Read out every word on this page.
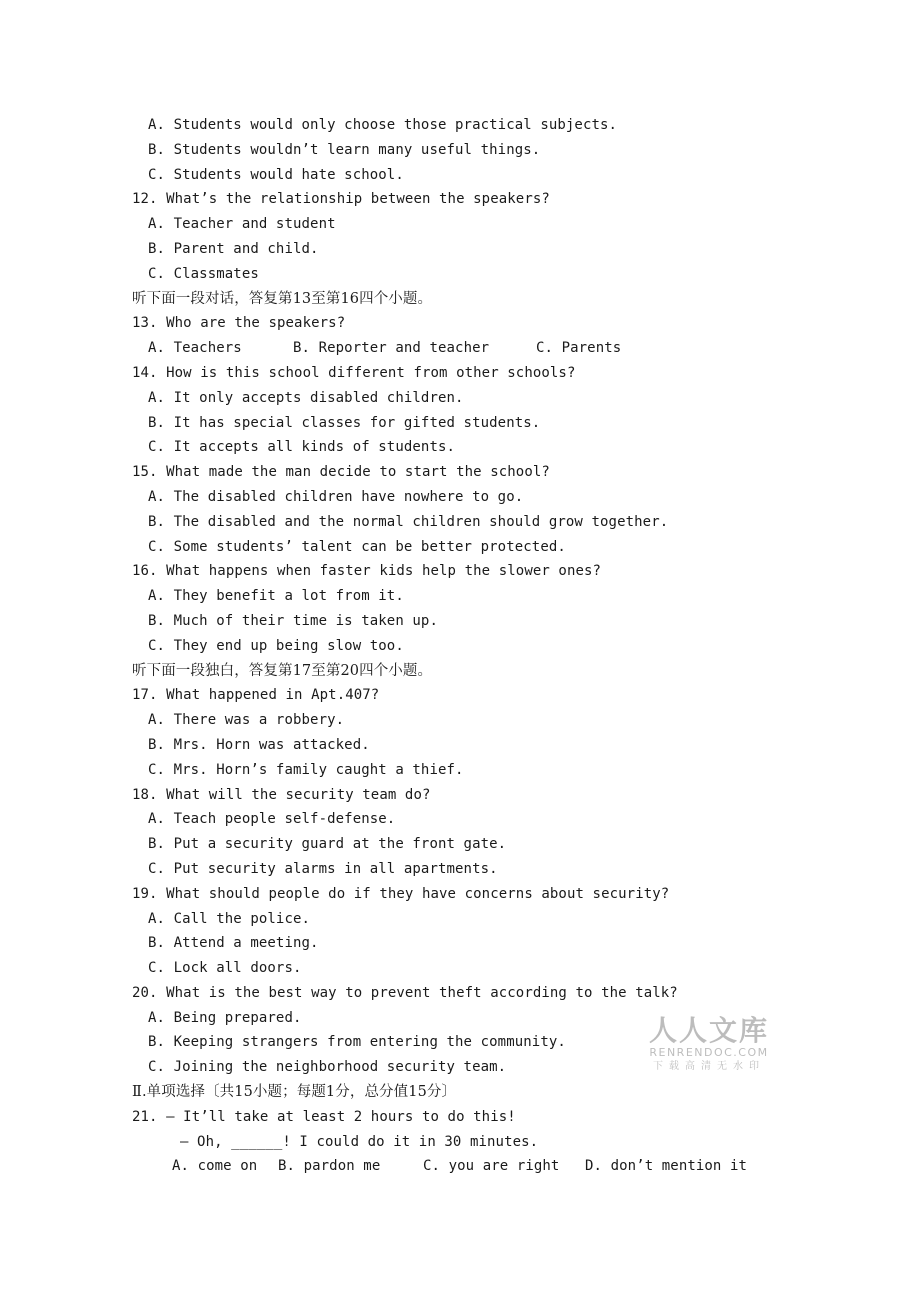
A. Students would only choose those practical subjects.
B. Students wouldn’t learn many useful things.
C. Students would hate school.
12. What’s the relationship between the speakers?
A. Teacher and student
B. Parent and child.
C. Classmates
听下面一段对话，答复第13至第16四个小题。
13. Who are the speakers?
A. Teachers	B. Reporter and teacher	C. Parents
14. How is this school different from other schools?
A. It only accepts disabled children.
B. It has special classes for gifted students.
C. It accepts all kinds of students.
15. What made the man decide to start the school?
A. The disabled children have nowhere to go.
B. The disabled and the normal children should grow together.
C. Some students’ talent can be better protected.
16. What happens when faster kids help the slower ones?
A. They benefit a lot from it.
B. Much of their time is taken up.
C. They end up being slow too.
听下面一段独白，答复第17至第20四个小题。
17. What happened in Apt.407?
A. There was a robbery.
B. Mrs. Horn was attacked.
C. Mrs. Horn’s family caught a thief.
18. What will the security team do?
A. Teach people self-defense.
B. Put a security guard at the front gate.
C. Put security alarms in all apartments.
19. What should people do if they have concerns about security?
A. Call the police.
B. Attend a meeting.
C. Lock all doors.
20. What is the best way to prevent theft according to the talk?
A. Being prepared.
B. Keeping strangers from entering the community.
C. Joining the neighborhood security team.
Ⅱ.单项选择〔共15小题；每题1分，总分值15分〕
21. — It’ll take at least 2 hours to do this!
— Oh, ______! I could do it in 30 minutes.
A. come on	B. pardon me	C. you are right	D. don’t mention it
人人文库
RENRENDOC.COM
下载高清无水印
